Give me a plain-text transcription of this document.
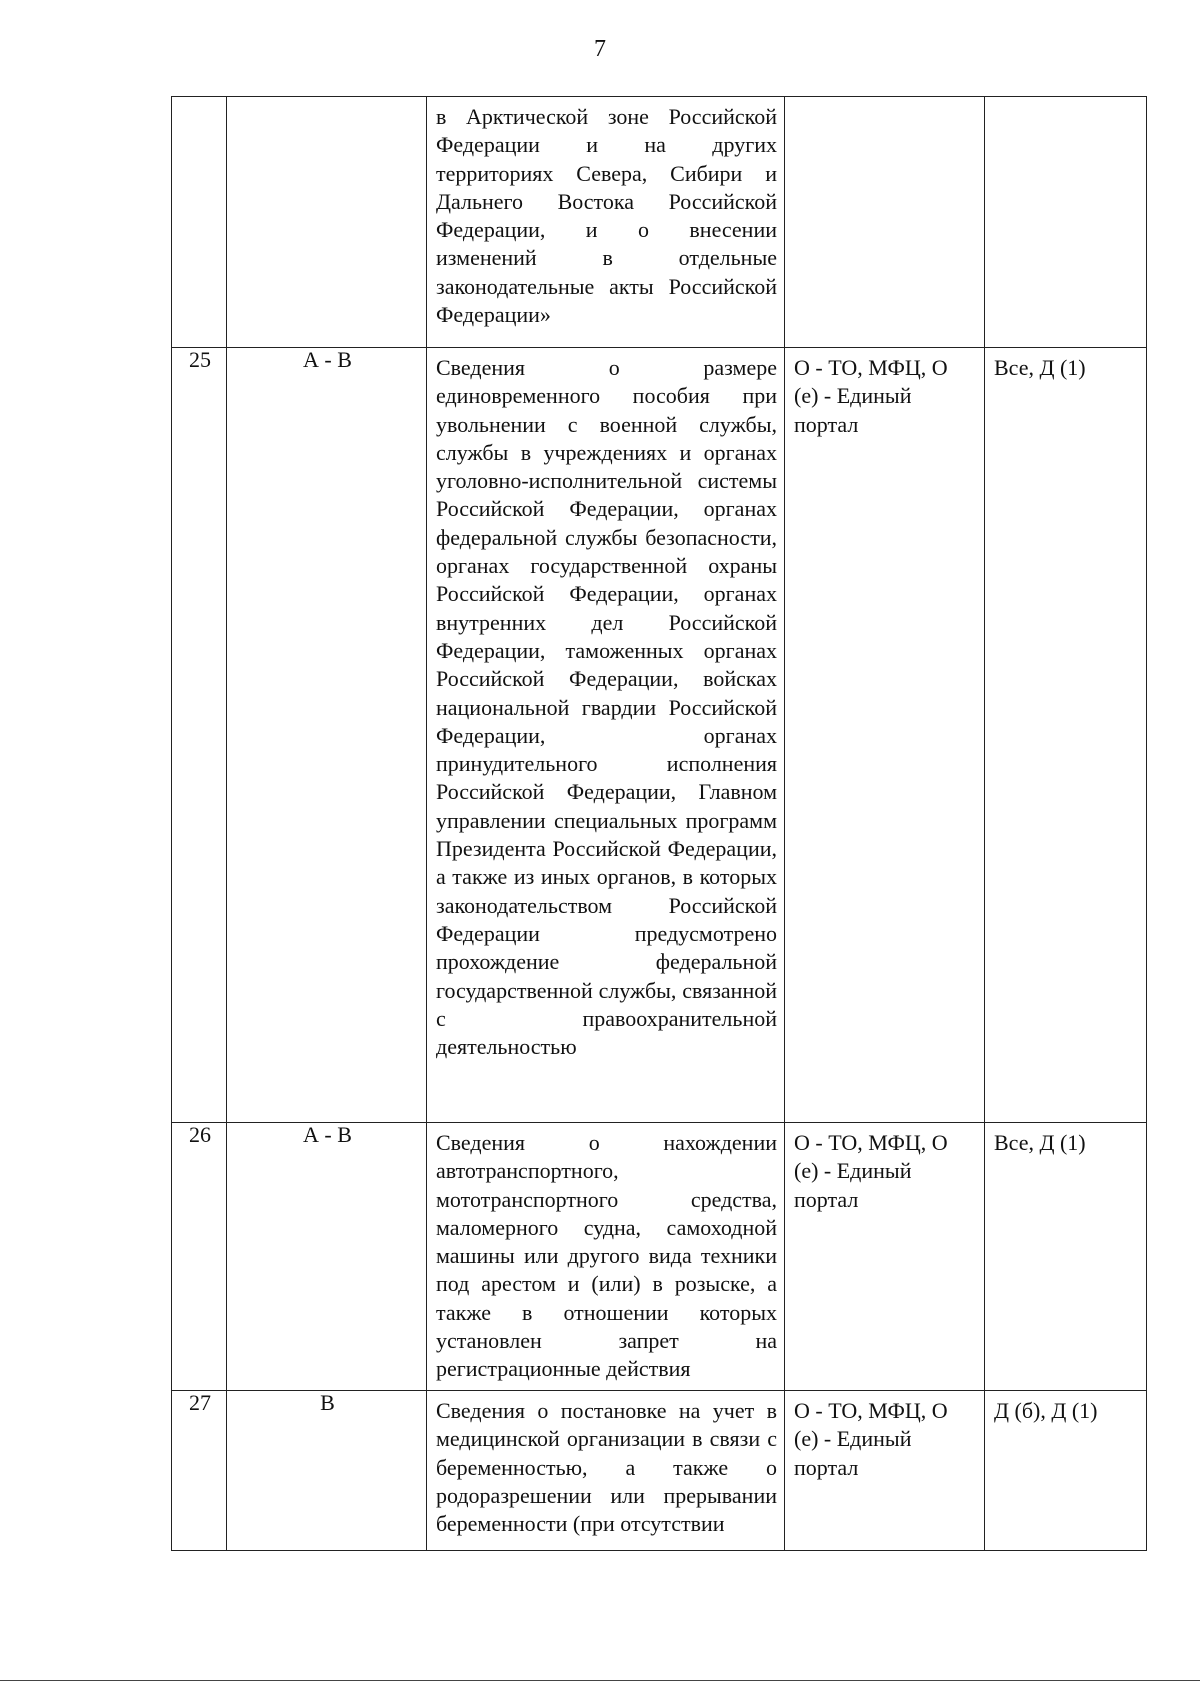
7
		в Арктической зоне Российской Федерации и на других территориях Севера, Сибири и Дальнего Востока Российской Федерации, и о внесении изменений в отдельные законодательные акты Российской Федерации»		
25	А - В	Сведения о размере единовременного пособия при увольнении с военной службы, службы в учреждениях и органах уголовно-исполнительной системы Российской Федерации, органах федеральной службы безопасности, органах государственной охраны Российской Федерации, органах внутренних дел Российской Федерации, таможенных органах Российской Федерации, войсках национальной гвардии Российской Федерации, органах принудительного исполнения Российской Федерации, Главном управлении специальных программ Президента Российской Федерации, а также из иных органов, в которых законодательством Российской Федерации предусмотрено прохождение федеральной государственной службы, связанной с правоохранительной деятельностью	О - ТО, МФЦ, О (е) - Единый портал	Все, Д (1)
26	А - В	Сведения о нахождении автотранспортного, мототранспортного средства, маломерного судна, самоходной машины или другого вида техники под арестом и (или) в розыске, а также в отношении которых установлен запрет на регистрационные действия	О - ТО, МФЦ, О (е) - Единый портал	Все, Д (1)
27	В	Сведения о постановке на учет в медицинской организации в связи с беременностью, а также о родоразрешении или прерывании беременности (при отсутствии	О - ТО, МФЦ, О (е) - Единый портал	Д (б), Д (1)
